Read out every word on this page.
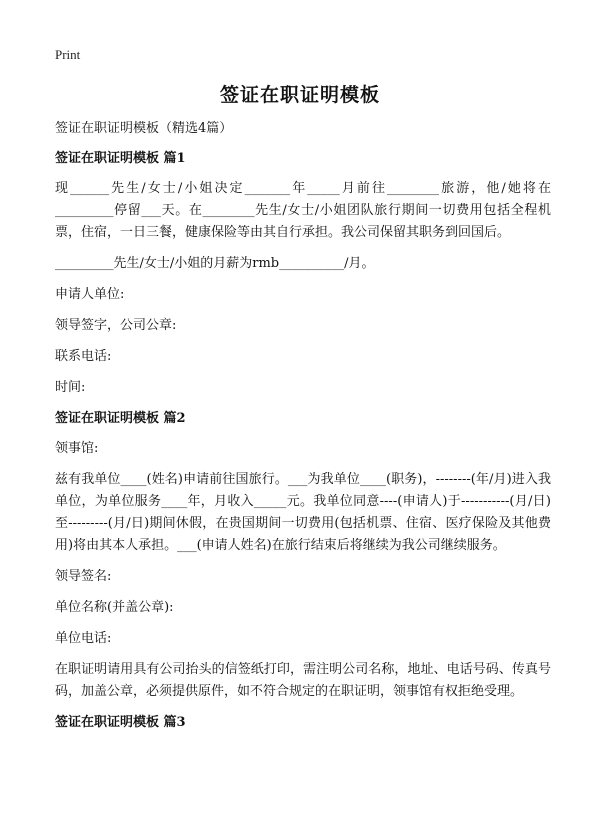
Print
签证在职证明模板

签证在职证明模板（精选4篇）

签证在职证明模板 篇1

现______先生/女士/小姐决定_______年_____月前往________旅游，他/她将在_________停留___天。在________先生/女士/小姐团队旅行期间一切费用包括全程机票，住宿，一日三餐，健康保险等由其自行承担。我公司保留其职务到回国后。

_________先生/女士/小姐的月薪为rmb__________/月。

申请人单位:

领导签字，公司公章:

联系电话:

时间:

签证在职证明模板 篇2

领事馆:

兹有我单位____(姓名)申请前往国旅行。___为我单位____(职务)，--------(年/月)进入我单位，为单位服务____年，月收入_____元。我单位同意----(申请人)于-----------(月/日)至---------(月/日)期间休假，在贵国期间一切费用(包括机票、住宿、医疗保险及其他费用)将由其本人承担。___(申请人姓名)在旅行结束后将继续为我公司继续服务。

领导签名:

单位名称(并盖公章):

单位电话:

在职证明请用具有公司抬头的信签纸打印，需注明公司名称，地址、电话号码、传真号码，加盖公章，必须提供原件，如不符合规定的在职证明，领事馆有权拒绝受理。

签证在职证明模板 篇3
